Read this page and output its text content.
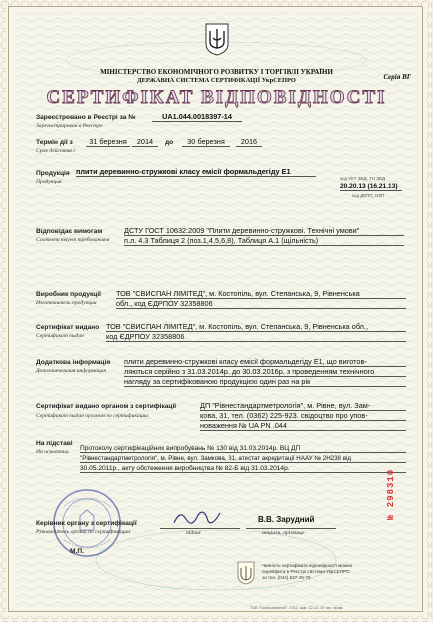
МІНІСТЕРСТВО ЕКОНОМІЧНОГО РОЗВИТКУ І ТОРГІВЛІ УКРАЇНИ
ДЕРЖАВНА СИСТЕМА СЕРТИФІКАЦІЇ УкрСЕПРО	Серія ВГ
СЕРТИФІКАТ ВІДПОВІДНОСТІ
Зареєстровано в Реєстрі за №
Зарегистрирован в Реестре
UA1.044.0018397-14
Термін дії з
Срок действия с
31 березня	2014	до	30 березня	2016
Продукція
Продукция
плити деревинно-стружкові класу емісії формальдегіду Е1
код УКТ ЗЕД, ТН ЗЕД
20.20.13 (16.21.13)
код ДКПП, ОКП
Відповідає вимогам
Соответствует требованиям
ДСТУ ГОСТ 10632:2009 "Плити деревинно-стружкові. Технічні умови"
п.л. 4.3 Таблиця 2 (поз.1,4,5,6,8), Таблиця А.1 (щільність)
Виробник продукції
Изготовитель продукции
ТОВ "СВИСПАН ЛІМІТЕД", м. Костопіль, вул. Степанська, 9, Рівненська
обл., код ЄДРПОУ 32358806
Сертифікат видано
Сертификат выдан
ТОВ "СВИСПАН ЛІМІТЕД", м. Костопіль, вул. Степанська, 9, Рівненська обл.,
код ЄДРПОУ 32358806
Додаткова інформація
Дополнительная информация
плити деревинно-стружкові класу емісії формальдегіду Е1, що виготов-
ляються серійно з 31.03.2014р. до 30.03.2016р. з проведенням технічного
нагляду за сертифікованою продукцією один раз на рік
Сертифікат видано органом з сертифікації
Сертификат выдан органом по сертификации
ДП "Рівнестандартметрологія", м. Рівне, вул. Зам-
кова, 31, тел. (0362) 225-923. свідоцтво про упов-
новаження № UA PN .044
На підставі
На основании Протоколу сертифікаційних випробувань № 130 від 31.03.2014р. ВЦ ДП
"Рівнестандартметрологія", м. Рівне, вул. Замкова, 31, атестат акредитації НААУ № 2Н238 від
30.05.2011р., акту обстеження виробництва № 82-Б від 31.03.2014р.
Керівник органу з сертифікації
Руководитель органа по сертификации
М.П.
підпис
В.В. Зарудний
ініціали, прізвище
№ 298310
Чинність сертифіката відповідності можна
перевірити в Реєстрі системи УкрСЕПРО
за тел. (044) 537-35-76
ТОВ "Поліграфічний", 2012, зам. 12-12, 20 тис. прим.
